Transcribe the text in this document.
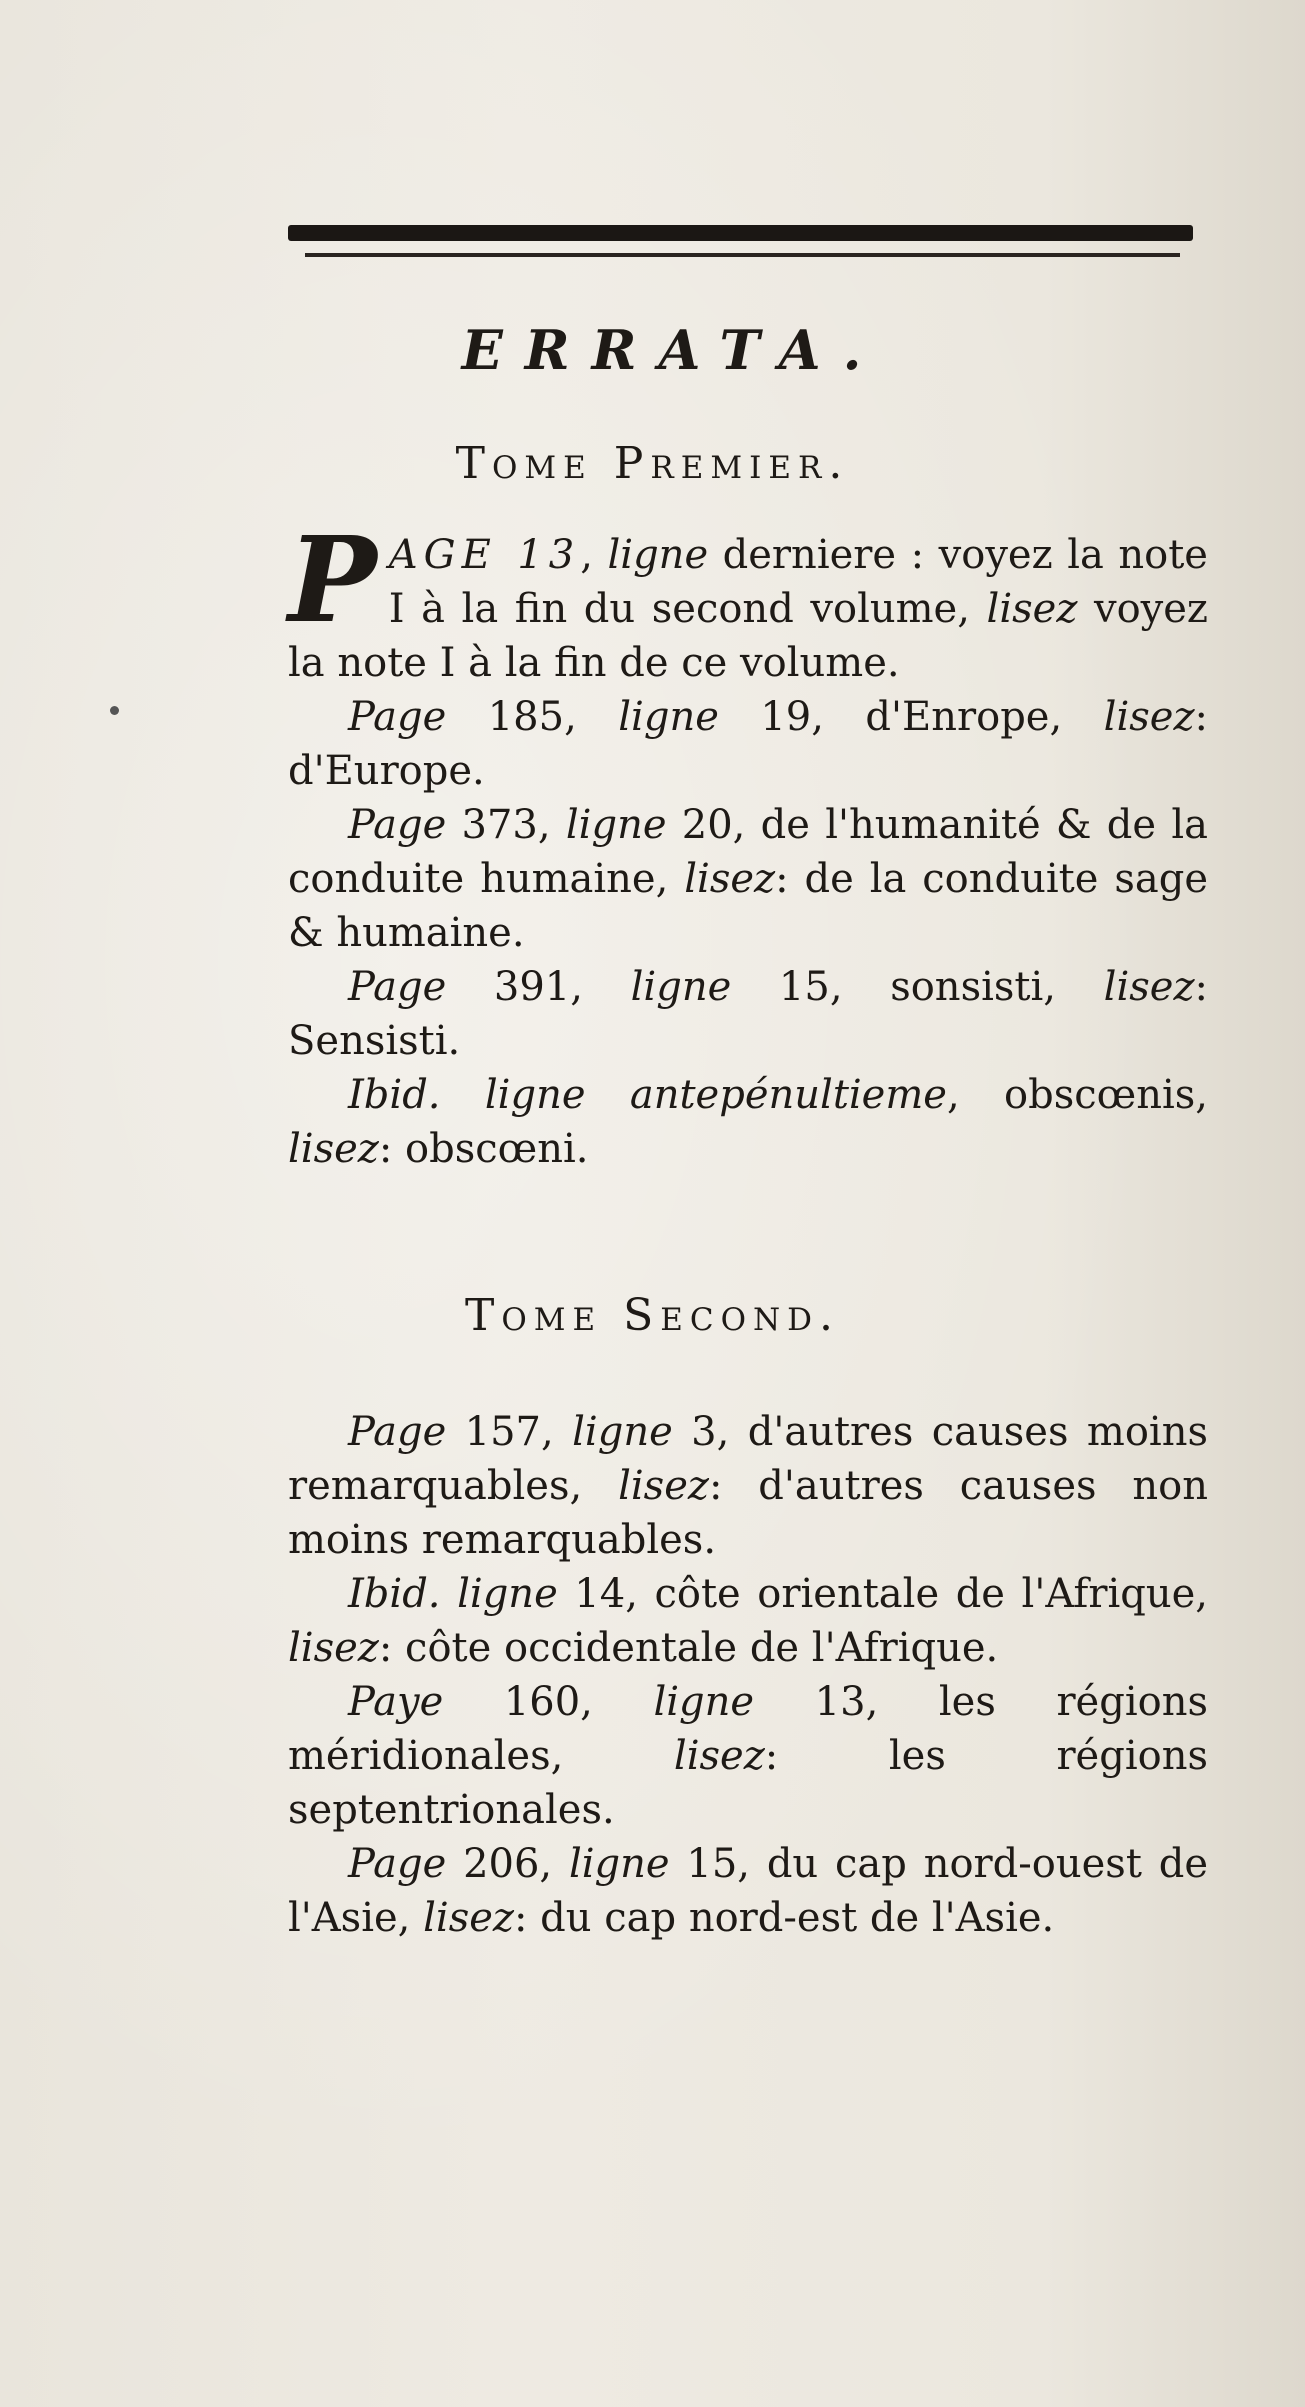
ERRATA.
Tome Premier.

PAGE 13, ligne derniere : voyez la note I à la fin du second volume, lisez voyez la note I à la fin de ce volume.

Page 185, ligne 19, d'Enrope, lisez: d'Europe.

Page 373, ligne 20, de l'humanité & de la conduite humaine, lisez: de la conduite sage & humaine.

Page 391, ligne 15, sonsisti, lisez: Sensisti.

Ibid. ligne antepénultieme, obscœnis, lisez: obscœni.

Tome Second.

Page 157, ligne 3, d'autres causes moins remarquables, lisez: d'autres causes non moins remarquables.

Ibid. ligne 14, côte orientale de l'Afrique, lisez: côte occidentale de l'Afrique.

Paye 160, ligne 13, les régions méridionales, lisez: les régions septentrionales.

Page 206, ligne 15, du cap nord-ouest de l'Asie, lisez: du cap nord-est de l'Asie.
